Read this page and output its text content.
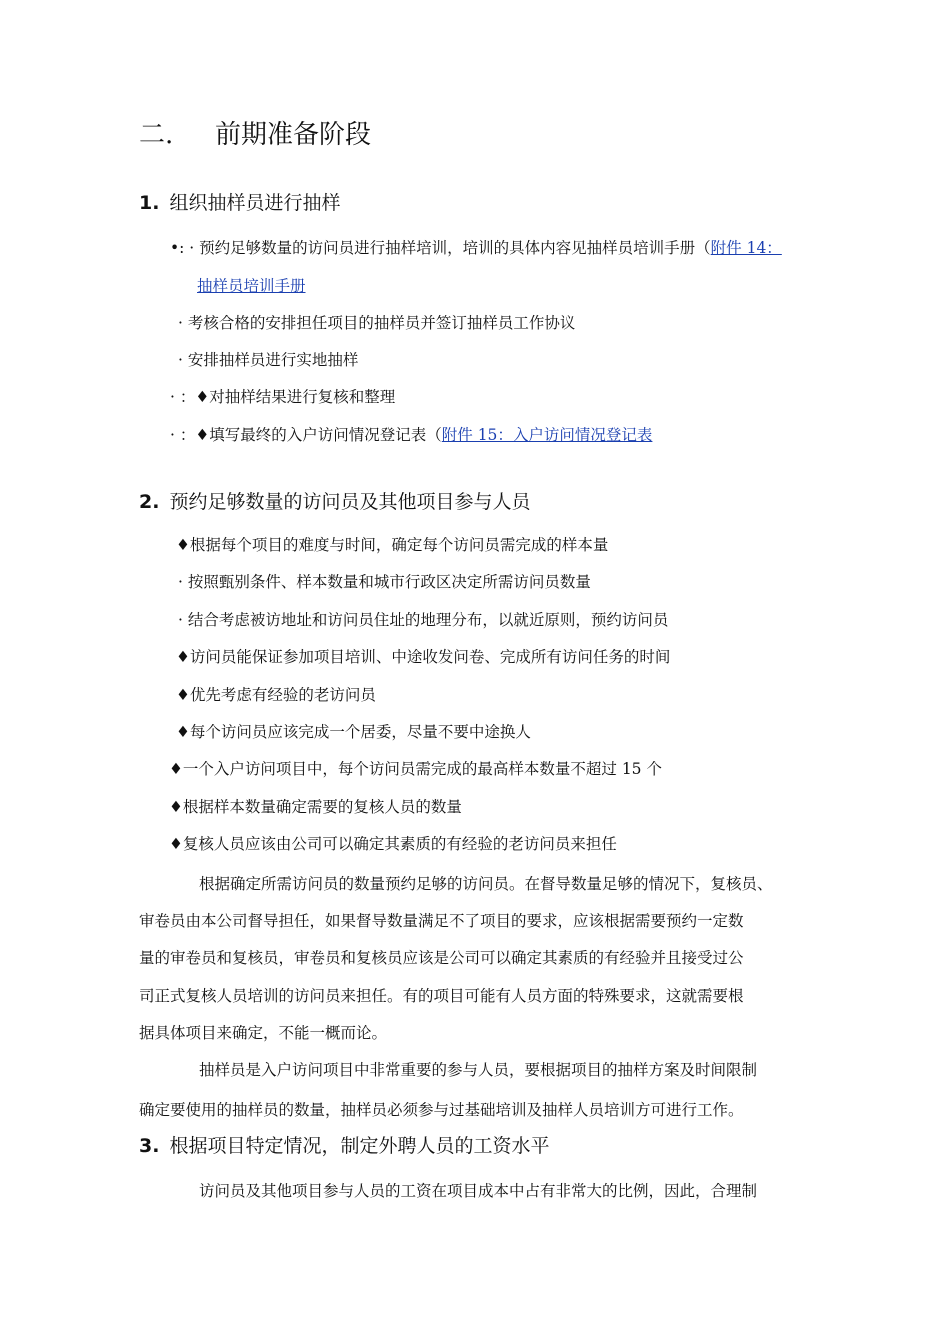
二. 前期准备阶段
1. 组织抽样员进行抽样
•: · 预约足够数量的访问员进行抽样培训，培训的具体内容见抽样员培训手册（附件 14：
抽样员培训手册
· 考核合格的安排担任项目的抽样员并签订抽样员工作协议
· 安排抽样员进行实地抽样
· ：♦对抽样结果进行复核和整理
· ：♦填写最终的入户访问情况登记表（附件 15：入户访问情况登记表
2. 预约足够数量的访问员及其他项目参与人员
♦根据每个项目的难度与时间，确定每个访问员需完成的样本量
· 按照甄别条件、样本数量和城市行政区决定所需访问员数量
· 结合考虑被访地址和访问员住址的地理分布，以就近原则，预约访问员
♦访问员能保证参加项目培训、中途收发问卷、完成所有访问任务的时间
♦优先考虑有经验的老访问员
♦每个访问员应该完成一个居委，尽量不要中途换人
♦一个入户访问项目中，每个访问员需完成的最高样本数量不超过 15 个
♦根据样本数量确定需要的复核人员的数量
♦复核人员应该由公司可以确定其素质的有经验的老访问员来担任
根据确定所需访问员的数量预约足够的访问员。在督导数量足够的情况下，复核员、
审卷员由本公司督导担任，如果督导数量满足不了项目的要求，应该根据需要预约一定数
量的审卷员和复核员，审卷员和复核员应该是公司可以确定其素质的有经验并且接受过公
司正式复核人员培训的访问员来担任。有的项目可能有人员方面的特殊要求，这就需要根
据具体项目来确定，不能一概而论。
抽样员是入户访问项目中非常重要的参与人员，要根据项目的抽样方案及时间限制
确定要使用的抽样员的数量，抽样员必须参与过基础培训及抽样人员培训方可进行工作。
3. 根据项目特定情况，制定外聘人员的工资水平
访问员及其他项目参与人员的工资在项目成本中占有非常大的比例，因此，合理制
